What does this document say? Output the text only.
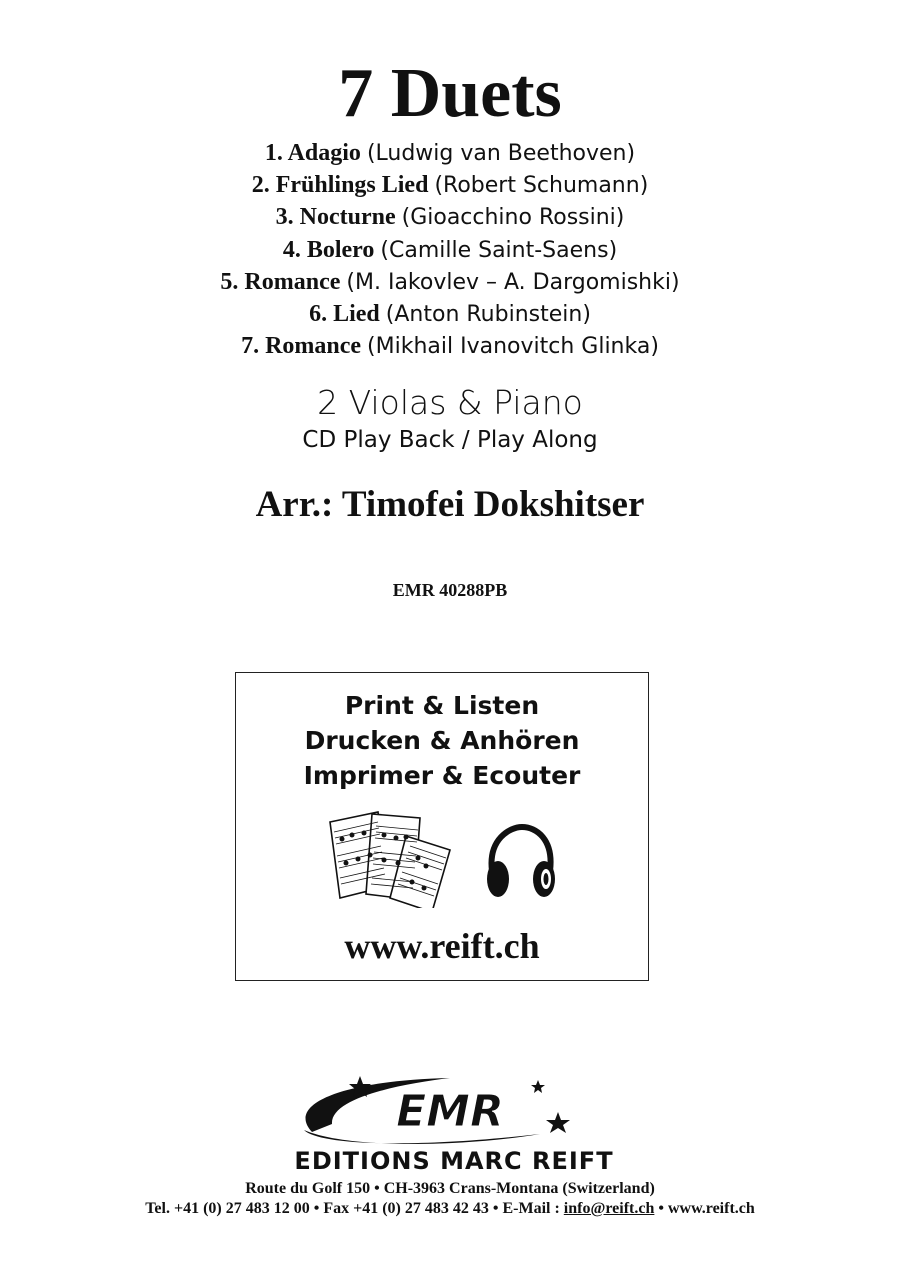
7 Duets
1. Adagio (Ludwig van Beethoven)
2. Frühlings Lied (Robert Schumann)
3. Nocturne (Gioacchino Rossini)
4. Bolero (Camille Saint-Saens)
5. Romance (M. Iakovlev – A. Dargomishki)
6. Lied (Anton Rubinstein)
7. Romance (Mikhail Ivanovitch Glinka)
2 Violas & Piano
CD Play Back / Play Along
Arr.: Timofei Dokshitser
EMR 40288PB
Print & Listen
Drucken & Anhören
Imprimer & Ecouter
www.reift.ch
EMR
EDITIONS MARC REIFT
Route du Golf 150 • CH-3963 Crans-Montana (Switzerland)
Tel. +41 (0) 27 483 12 00 • Fax +41 (0) 27 483 42 43 • E-Mail : info@reift.ch • www.reift.ch
